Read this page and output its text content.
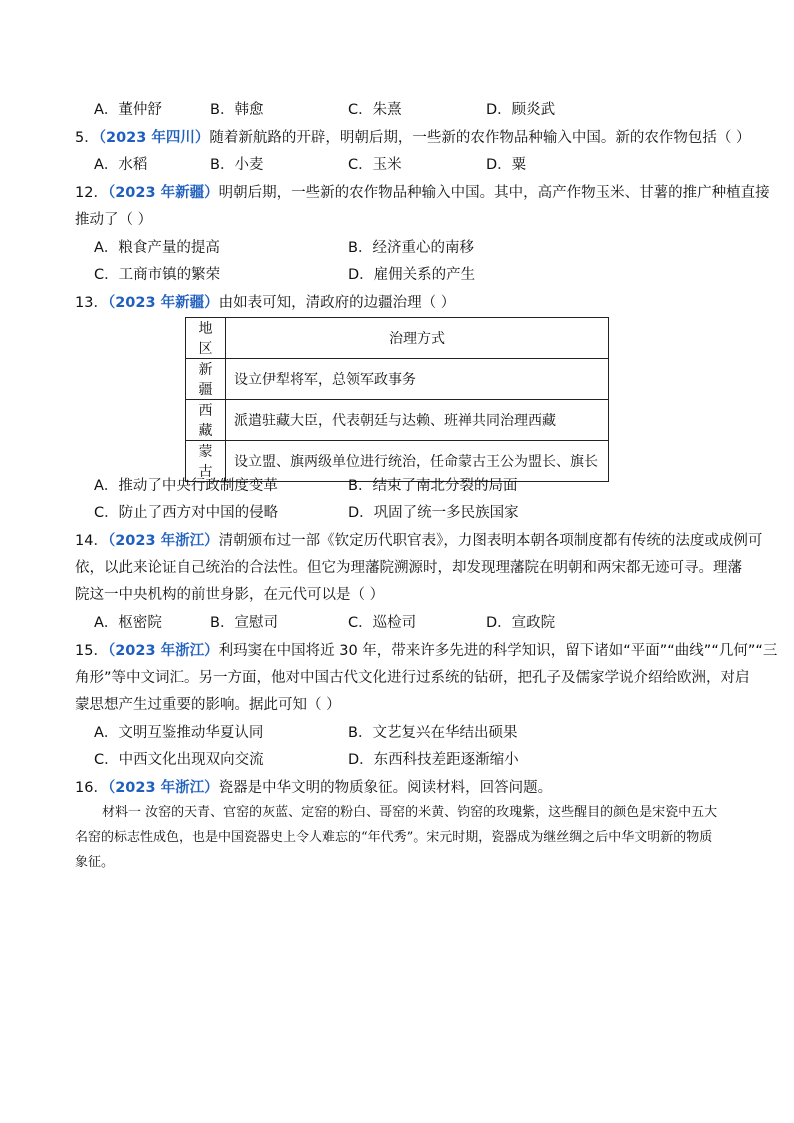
A．董仲舒	B．韩愈	C．朱熹	D．顾炎武
5．（2023 年四川）随着新航路的开辟，明朝后期，一些新的农作物品种输入中国。新的农作物包括（ ）
A．水稻	B．小麦	C．玉米	D．粟
12．（2023 年新疆）明朝后期，一些新的农作物品种输入中国。其中，高产作物玉米、甘薯的推广种植直接
推动了（ ）
A．粮食产量的提高	B．经济重心的南移
C．工商市镇的繁荣	D．雇佣关系的产生
13．（2023 年新疆）由如表可知，清政府的边疆治理（ ）
地区	治理方式
新疆	设立伊犁将军，总领军政事务
西藏	派遣驻藏大臣，代表朝廷与达赖、班禅共同治理西藏
蒙古	设立盟、旗两级单位进行统治，任命蒙古王公为盟长、旗长
A．推动了中央行政制度变革	B．结束了南北分裂的局面
C．防止了西方对中国的侵略	D．巩固了统一多民族国家
14．（2023 年浙江）清朝颁布过一部《钦定历代职官表》，力图表明本朝各项制度都有传统的法度或成例可
依，以此来论证自己统治的合法性。但它为理藩院溯源时，却发现理藩院在明朝和两宋都无迹可寻。理藩
院这一中央机构的前世身影，在元代可以是（ ）
A．枢密院	B．宣慰司	C．巡检司	D．宣政院
15．（2023 年浙江）利玛窦在中国将近 30 年，带来许多先进的科学知识，留下诸如“平面”“曲线”“几何”“三
角形”等中文词汇。另一方面，他对中国古代文化进行过系统的钻研，把孔子及儒家学说介绍给欧洲，对启
蒙思想产生过重要的影响。据此可知（ ）
A．文明互鉴推动华夏认同	B．文艺复兴在华结出硕果
C．中西文化出现双向交流	D．东西科技差距逐渐缩小
16．（2023 年浙江）瓷器是中华文明的物质象征。阅读材料，回答问题。
材料一 汝窑的天青、官窑的灰蓝、定窑的粉白、哥窑的米黄、钧窑的玫瑰紫，这些醒目的颜色是宋瓷中五大名窑的标志性成色，也是中国瓷器史上令人难忘的“年代秀”。宋元时期，瓷器成为继丝绸之后中华文明新的物质象征。
